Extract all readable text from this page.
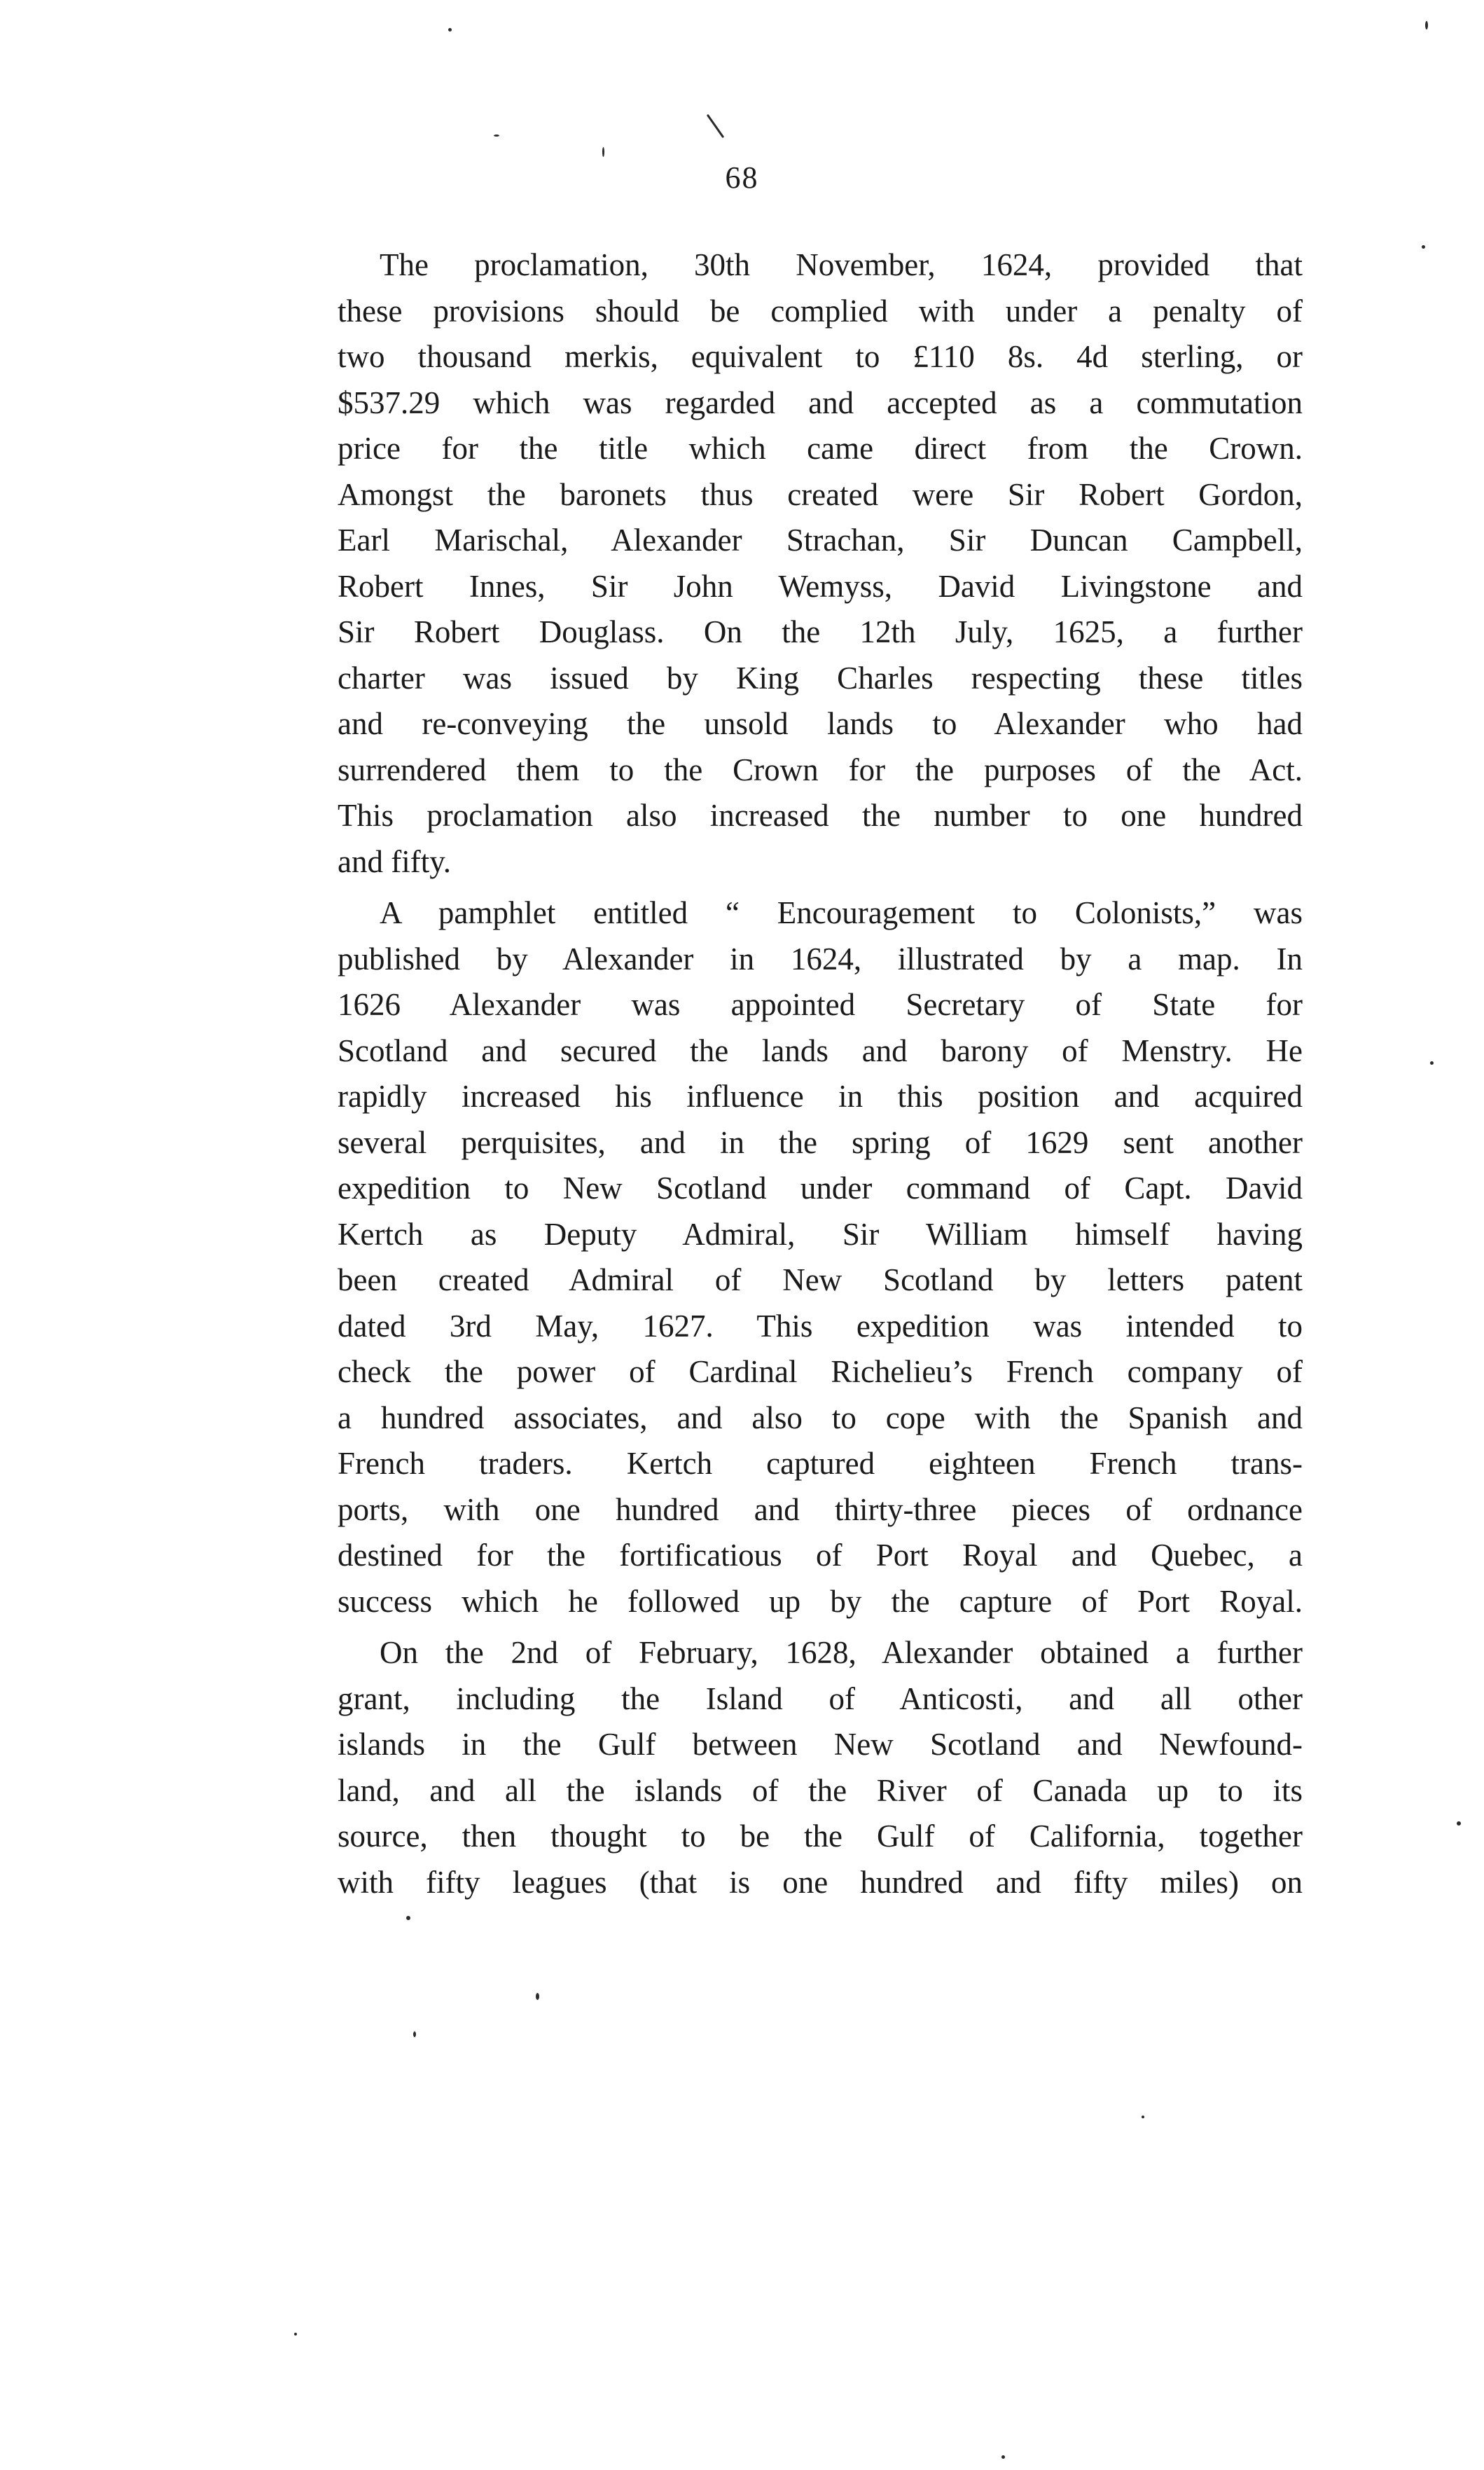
68
The proclamation, 30th November, 1624, provided that
these provisions should be complied with under a penalty of
two thousand merkis, equivalent to £110 8s. 4d sterling, or
$537.29 which was regarded and accepted as a commutation
price for the title which came direct from the Crown.
Amongst the baronets thus created were Sir Robert Gordon,
Earl Marischal, Alexander Strachan, Sir Duncan Campbell,
Robert Innes, Sir John Wemyss, David Livingstone and
Sir Robert Douglass. On the 12th July, 1625, a further
charter was issued by King Charles respecting these titles
and re-conveying the unsold lands to Alexander who had
surrendered them to the Crown for the purposes of the Act.
This proclamation also increased the number to one hundred
and fifty.
A pamphlet entitled “ Encouragement to Colonists,” was
published by Alexander in 1624, illustrated by a map. In
1626 Alexander was appointed Secretary of State for
Scotland and secured the lands and barony of Menstry. He
rapidly increased his influence in this position and acquired
several perquisites, and in the spring of 1629 sent another
expedition to New Scotland under command of Capt. David
Kertch as Deputy Admiral, Sir William himself having
been created Admiral of New Scotland by letters patent
dated 3rd May, 1627. This expedition was intended to
check the power of Cardinal Richelieu’s French company of
a hundred associates, and also to cope with the Spanish and
French traders. Kertch captured eighteen French trans-
ports, with one hundred and thirty-three pieces of ordnance
destined for the fortificatious of Port Royal and Quebec, a
success which he followed up by the capture of Port Royal.
On the 2nd of February, 1628, Alexander obtained a further
grant, including the Island of Anticosti, and all other
islands in the Gulf between New Scotland and Newfound-
land, and all the islands of the River of Canada up to its
source, then thought to be the Gulf of California, together
with fifty leagues (that is one hundred and fifty miles) on
